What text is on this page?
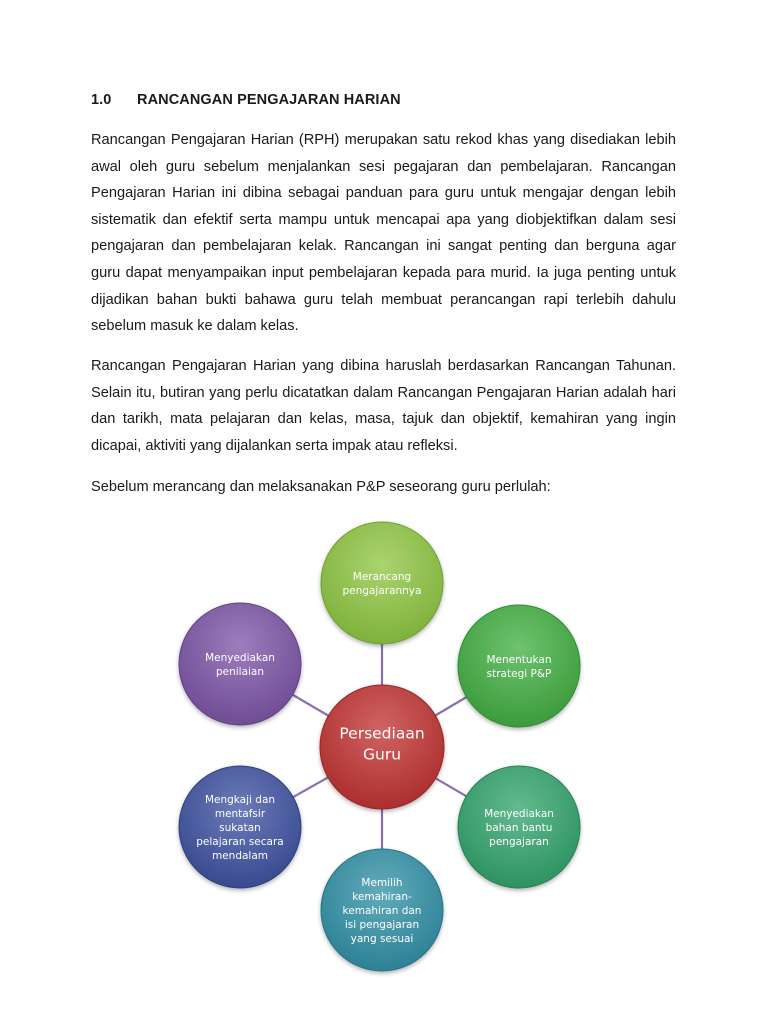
1.0 RANCANGAN PENGAJARAN HARIAN

Rancangan Pengajaran Harian (RPH) merupakan satu rekod khas yang disediakan lebih awal oleh guru sebelum menjalankan sesi pegajaran dan pembelajaran. Rancangan Pengajaran Harian ini dibina sebagai panduan para guru untuk mengajar dengan lebih sistematik dan efektif serta mampu untuk mencapai apa yang diobjektifkan dalam sesi pengajaran dan pembelajaran kelak. Rancangan ini sangat penting dan berguna agar guru dapat menyampaikan input pembelajaran kepada para murid. Ia juga penting untuk dijadikan bahan bukti bahawa guru telah membuat perancangan rapi terlebih dahulu sebelum masuk ke dalam kelas.

Rancangan Pengajaran Harian yang dibina haruslah berdasarkan Rancangan Tahunan. Selain itu, butiran yang perlu dicatatkan dalam Rancangan Pengajaran Harian adalah hari dan tarikh, mata pelajaran dan kelas, masa, tajuk dan objektif, kemahiran yang ingin dicapai, aktiviti yang dijalankan serta impak atau refleksi.

Sebelum merancang dan melaksanakan P&P seseorang guru perlulah:

Merancang
pengajarannya
Menentukan
strategi P&P
Menyediakan
bahan bantu
pengajaran
Memilih
kemahiran-
kemahiran dan
isi pengajaran
yang sesuai
Mengkaji dan
mentafsir
sukatan
pelajaran secara
mendalam
Menyediakan
penilaian
Persediaan
Guru
